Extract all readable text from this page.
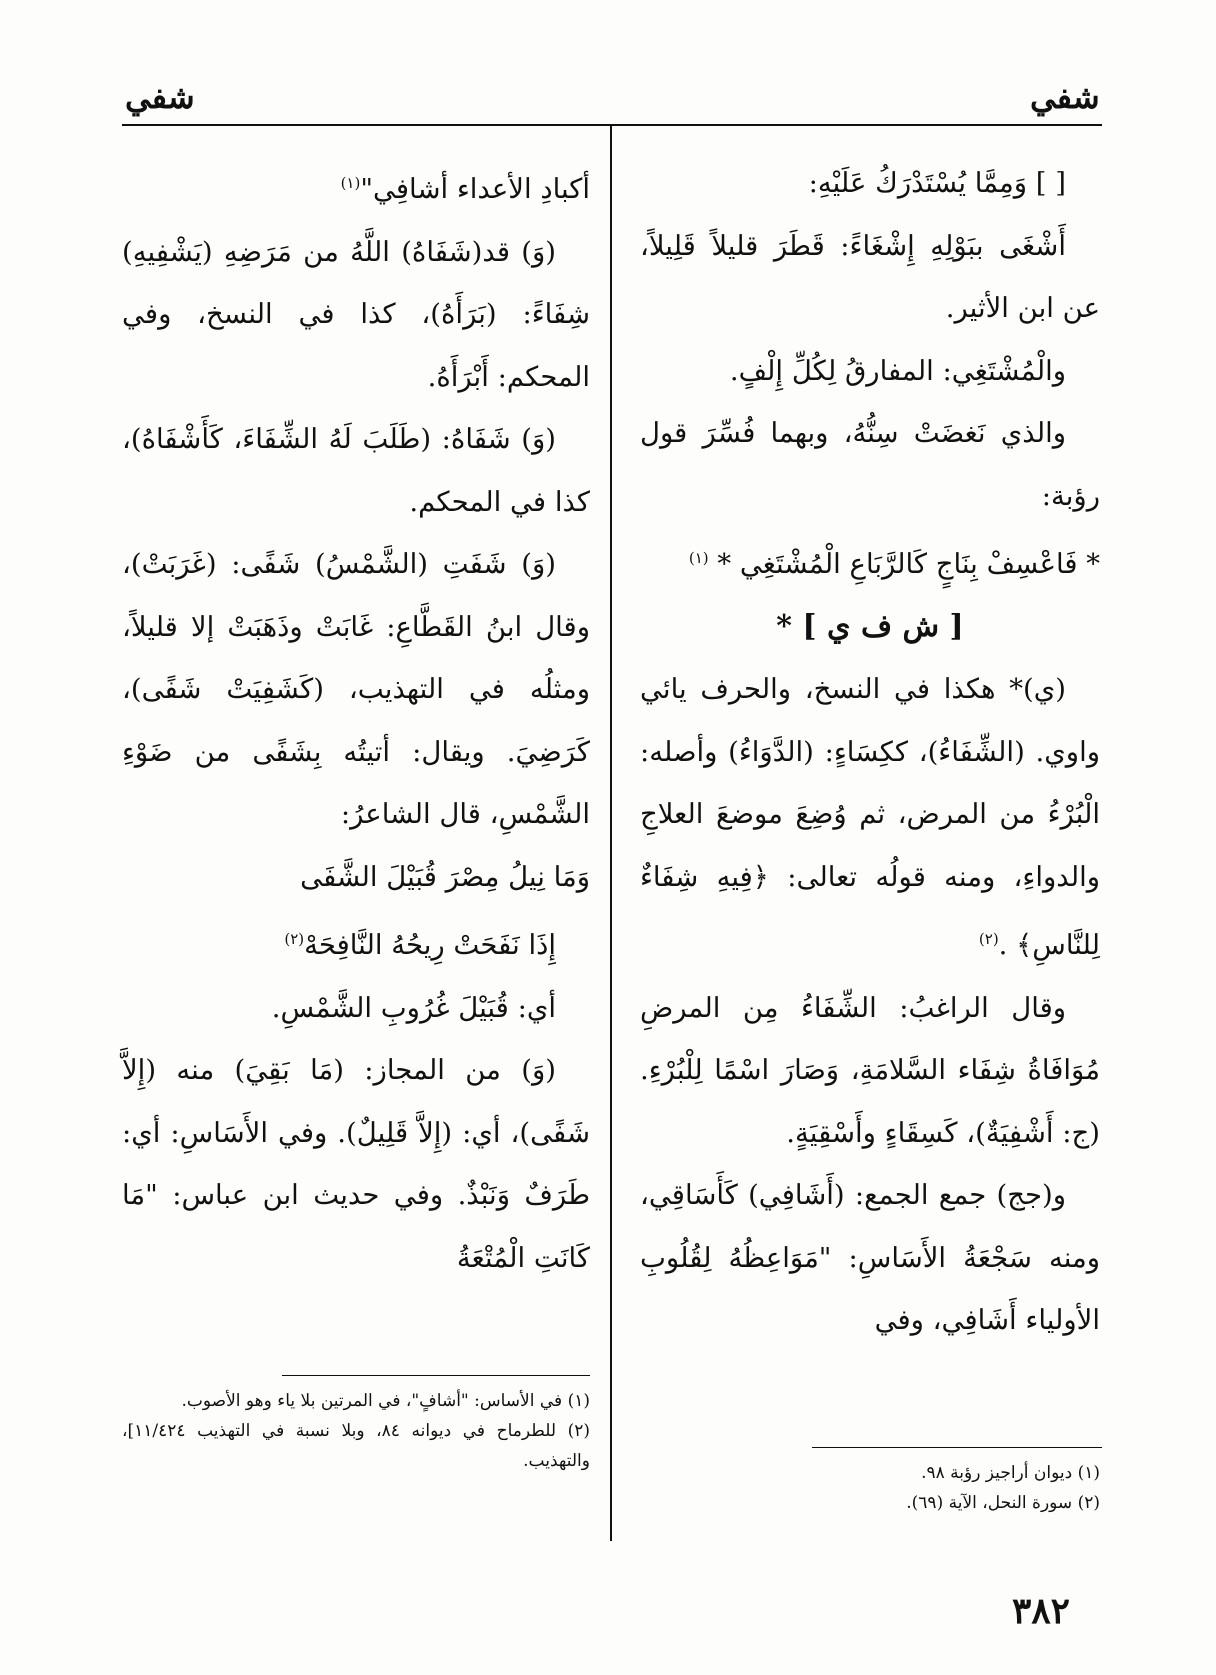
شفي
شفي

[ ] وَمِمَّا يُسْتَدْرَكُ عَلَيْهِ:

أَشْغَى ببَوْلِهِ إِشْغَاءً: قَطَرَ قليلاً قَلِيلاً، عن ابن الأثير.

والْمُشْتَغِي: المفارقُ لِكُلِّ إِلْفٍ.

والذي نَغضَتْ سِنُّهُ، وبهما فُسِّرَ قول رؤبة:

* فَاعْسِفْ بِنَاجٍ كَالرَّبَاعِ الْمُشْتَغِي * $^{(١)}$

[ ش ف ي ] *

(ي)* هكذا في النسخ، والحرف يائي واوي. (الشِّفَاءُ)، ككِسَاءٍ: (الدَّوَاءُ) وأصله: الْبُرْءُ من المرض، ثم وُضِعَ موضعَ العلاجِ والدواءِ، ومنه قولُه تعالى: ﴿فِيهِ شِفَاءٌ لِلنَّاسِ﴾ .$^{(٢)}$

وقال الراغبُ: الشِّفَاءُ مِن المرضِ مُوَافَاةُ شِفَاء السَّلامَةِ، وَصَارَ اسْمًا لِلْبُرْءِ. (ج: أَشْفِيَةٌ)، كَسِقَاءٍ وأَسْقِيَةٍ.

و(جج) جمع الجمع: (أَشَافِي) كَأَسَاقِي، ومنه سَجْعَةُ الأَسَاسِ: "مَوَاعِظُهُ لِقُلُوبِ الأولياء أَشَافِي، وفي

أكبادِ الأعداء أشافِي"$^{(١)}$

(وَ) قد(شَفَاهُ) اللَّهُ من مَرَضِهِ (يَشْفِيهِ) شِفَاءً: (بَرَأَهُ)، كذا في النسخ، وفي المحكم: أَبْرَأَهُ.

(وَ) شَفَاهُ: (طَلَبَ لَهُ الشِّفَاءَ، كَأَشْفَاهُ)، كذا في المحكم.

(وَ) شَفَتِ (الشَّمْسُ) شَفًى: (غَرَبَتْ)، وقال ابنُ القَطَّاعِ: غَابَتْ وذَهَبَتْ إلا قليلاً، ومثلُه في التهذيب، (كَشَفِيَتْ شَفًى)، كَرَضِيَ. ويقال: أتيتُه بِشَفًى من ضَوْءِ الشَّمْسِ، قال الشاعرُ:

وَمَا نِيلُ مِصْرَ قُبَيْلَ الشَّفَى

إِذَا نَفَحَتْ رِيحُهُ النَّافِحَهْ$^{(٢)}$

أي: قُبَيْلَ غُرُوبِ الشَّمْسِ.

(وَ) من المجاز: (مَا بَقِيَ) منه (إِلاَّ شَفًى)، أي: (إِلاَّ قَلِيلٌ). وفي الأَسَاسِ: أي: طَرَفٌ وَنَبْذٌ. وفي حديث ابن عباس: "مَا كَانَتِ الْمُتْعَةُ

(١) ديوان أراجيز رؤبة ٩٨.

(٢) سورة النحل، الآية (٦٩).

(١) في الأساس: "أشافٍ"، في المرتين بلا ياء وهو الأصوب.

(٢) للطرماح في ديوانه ٨٤، وبلا نسبة في التهذيب ١١/٤٢٤]، والتهذيب.

٣٨٢
